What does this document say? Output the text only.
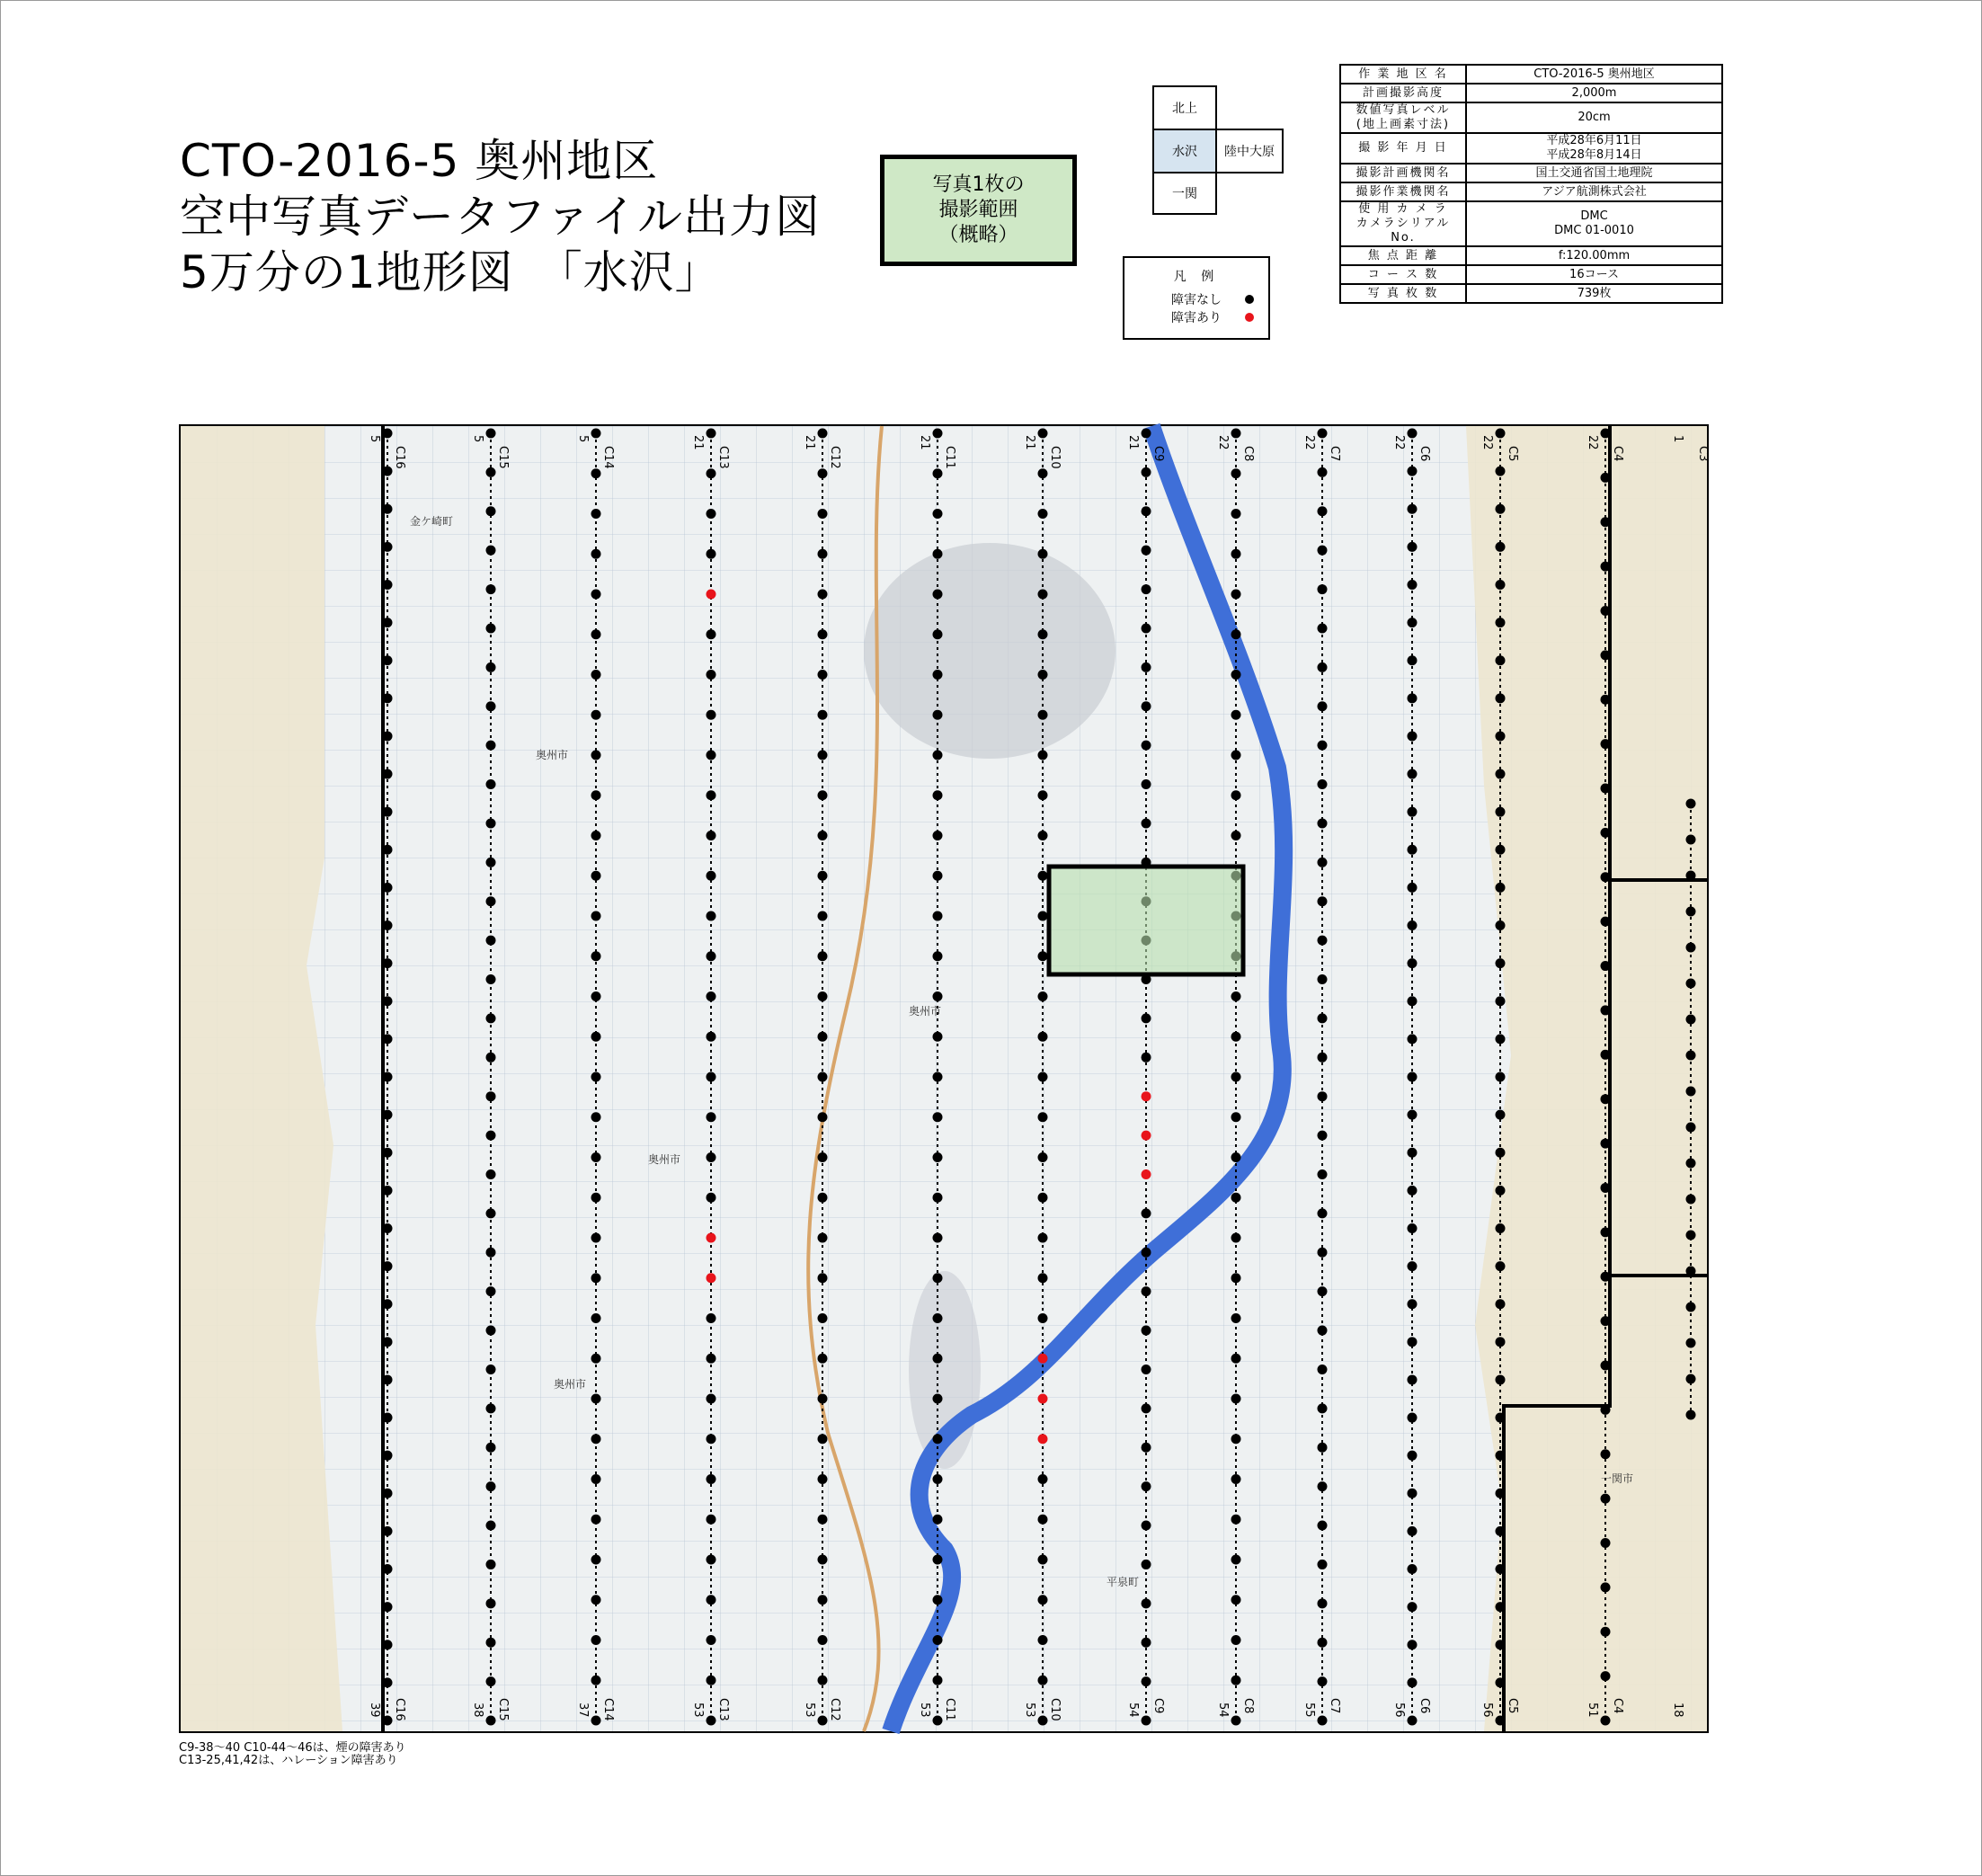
CTO-2016-5 奥州地区
空中写真データファイル出力図
5万分の1地形図　「水沢」
写真1枚の
撮影範囲
（概略）
北上
水沢	陸中大原
一関
凡 例
障害なし
障害あり
作 業 地 区 名	CTO-2016-5 奥州地区
計画撮影高度	2,000m
数値写真レベル
(地上画素寸法)	20cm
撮 影 年 月 日	平成28年6月11日
平成28年8月14日
撮影計画機関名	国土交通省国土地理院
撮影作業機関名	アジア航測株式会社
使 用 カ メ ラ
カメラシリアルNo.	DMC
DMC 01-0010
焦 点 距 離	f:120.00mm
コ ー ス 数	16コース
写 真 枚 数	739枚
C16
5
C16
39
C15
5
C15
38
C14
5
C14
37
C13
21
C13
53
C12
21
C12
53
C11
21
C11
53
C10
21
C10
53
C9
21
C9
54
C8
22
C8
54
C7
22
C7
55
C6
22
C6
56
C5
22
C5
56
C4
22
C4
51
C3
1
18
金ケ崎町
奥州市
奥州市
奥州市
奥州市
平泉町
一関市
C9-38～40 C10-44～46は、煙の障害あり
C13-25,41,42は、ハレーション障害あり
